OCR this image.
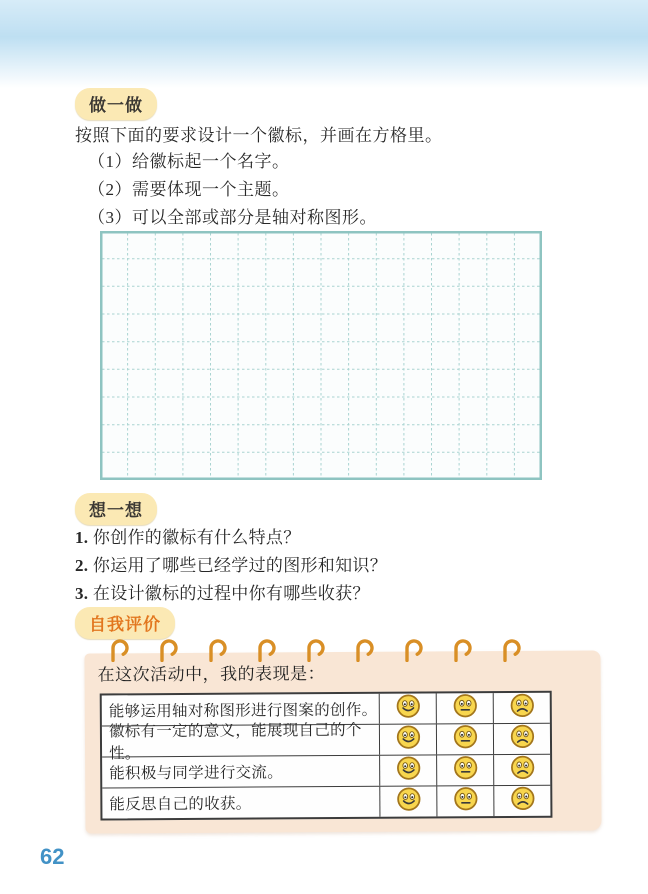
做一做
按照下面的要求设计一个徽标，并画在方格里。
（1）给徽标起一个名字。
（2）需要体现一个主题。
（3）可以全部或部分是轴对称图形。
想一想
1. 你创作的徽标有什么特点？
2. 你运用了哪些已经学过的图形和知识？
3. 在设计徽标的过程中你有哪些收获？
自我评价
在这次活动中，我的表现是：
能够运用轴对称图形进行图案的创作。
徽标有一定的意义，能展现自己的个性。
能积极与同学进行交流。
能反思自己的收获。
62
